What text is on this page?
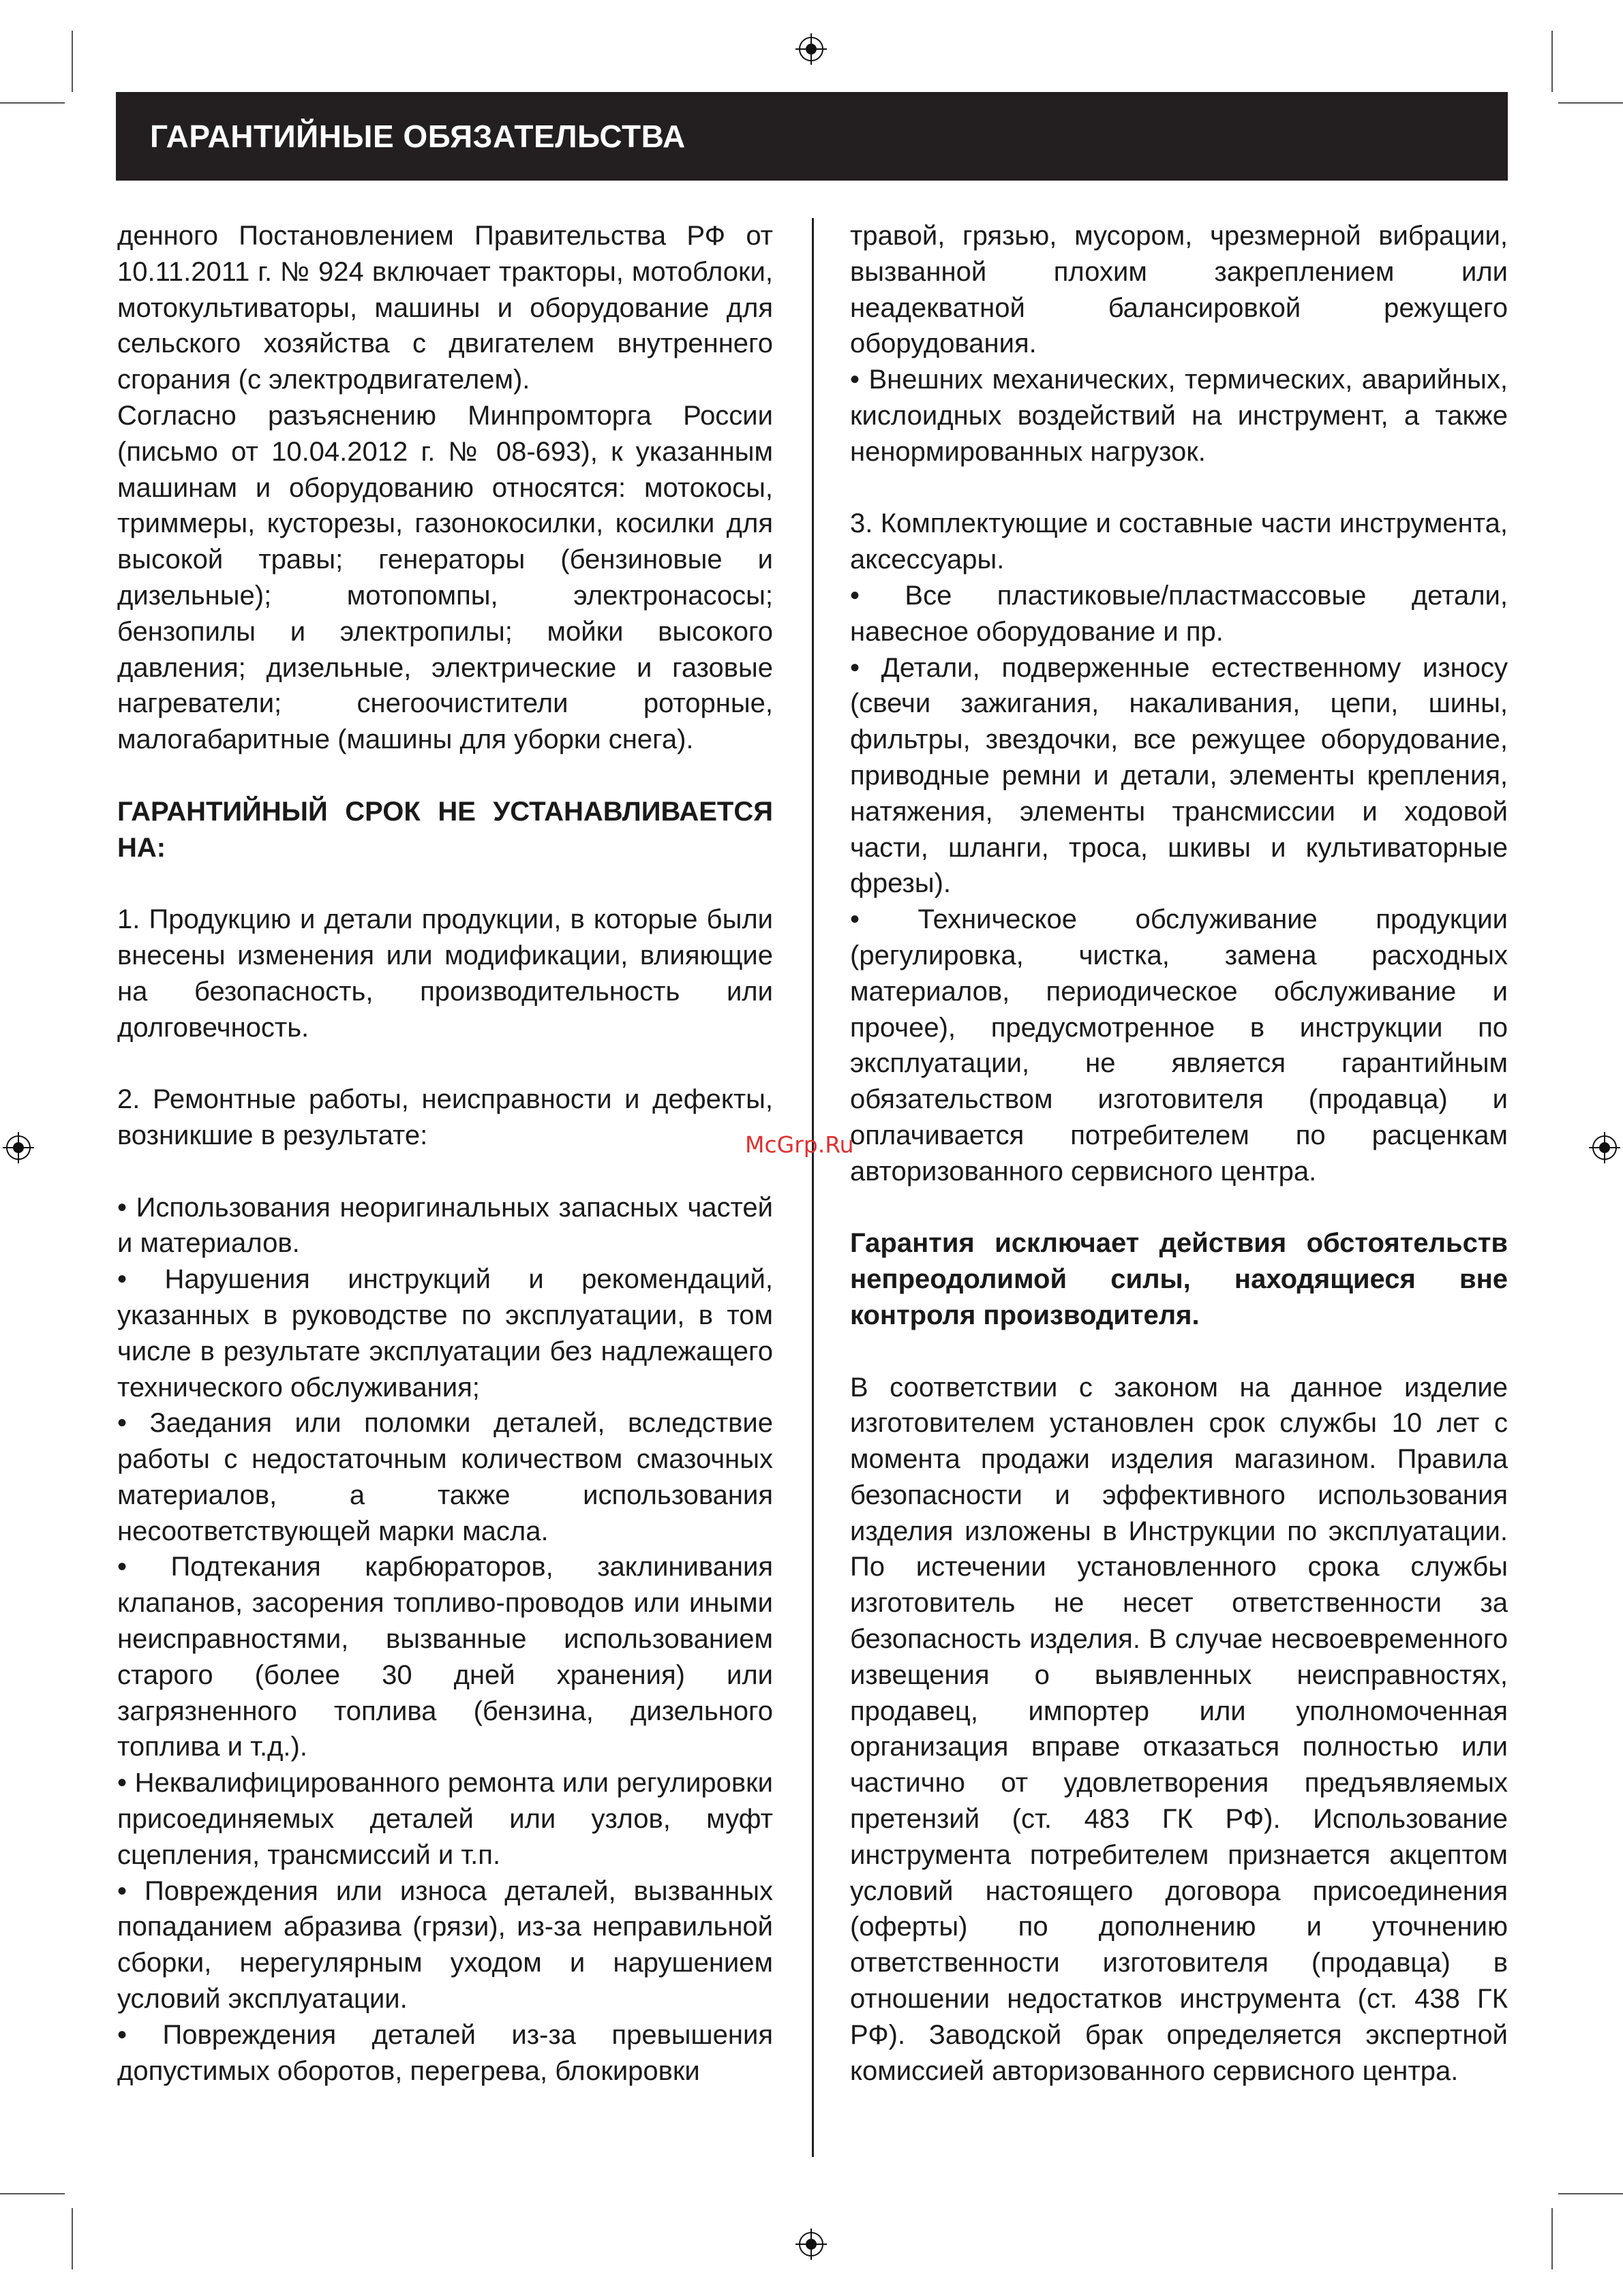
ГАРАНТИЙНЫЕ ОБЯЗАТЕЛЬСТВА

денного Постановлением Правительства РФ от 10.11.2011 г. № 924 включает тракторы, мотоблоки, мотокультиваторы, машины и оборудование для сельского хозяйства с двигателем внутреннего сгорания (с электродвигателем).

Согласно разъяснению Минпромторга России (письмо от 10.04.2012 г. № 08-693), к указанным машинам и оборудованию относятся: мотокосы, триммеры, кусторезы, газонокосилки, косилки для высокой травы; генераторы (бензиновые и дизельные); мотопомпы, электронасосы; бензопилы и электропилы; мойки высокого давления; дизельные, электрические и газовые нагреватели; снегоочистители роторные, малогабаритные (машины для уборки снега).

ГАРАНТИЙНЫЙ СРОК НЕ УСТАНАВЛИВАЕТСЯ НА:

1. Продукцию и детали продукции, в которые были внесены изменения или модификации, влияющие на безопасность, производительность или долговечность.

2. Ремонтные работы, неисправности и дефекты, возникшие в результате:

• Использования неоригинальных запасных частей и материалов.

• Нарушения инструкций и рекомендаций, указанных в руководстве по эксплуатации, в том числе в результате эксплуатации без надлежащего технического обслуживания;

• Заедания или поломки деталей, вследствие работы с недостаточным количеством смазочных материалов, а также использования несоответствующей марки масла.

• Подтекания карбюраторов, заклинивания клапанов, засорения топливо-проводов или иными неисправностями, вызванные использованием старого (более 30 дней хранения) или загрязненного топлива (бензина, дизельного топлива и т.д.).

• Неквалифицированного ремонта или регулировки присоединяемых деталей или узлов, муфт сцепления, трансмиссий и т.п.

• Повреждения или износа деталей, вызванных попаданием абразива (грязи), из-за неправильной сборки, нерегулярным уходом и нарушением условий эксплуатации.

• Повреждения деталей из-за превышения допустимых оборотов, перегрева, блокировки

травой, грязью, мусором, чрезмерной вибрации, вызванной плохим закреплением или неадекватной балансировкой режущего оборудования.

• Внешних механических, термических, аварийных, кислоидных воздействий на инструмент, а также ненормированных нагрузок.

3. Комплектующие и составные части инструмента, аксессуары.

• Все пластиковые/пластмассовые детали, навесное оборудование и пр.

• Детали, подверженные естественному износу (свечи зажигания, накаливания, цепи, шины, фильтры, звездочки, все режущее оборудование, приводные ремни и детали, элементы крепления, натяжения, элементы трансмиссии и ходовой части, шланги, троса, шкивы и культиваторные фрезы).

• Техническое обслуживание продукции (регулировка, чистка, замена расходных материалов, периодическое обслуживание и прочее), предусмотренное в инструкции по эксплуатации, не является гарантийным обязательством изготовителя (продавца) и оплачивается потребителем по расценкам авторизованного сервисного центра.

Гарантия исключает действия обстоятельств непреодолимой силы, находящиеся вне контроля производителя.

В соответствии с законом на данное изделие изготовителем установлен срок службы 10 лет с момента продажи изделия магазином. Правила безопасности и эффективного использования изделия изложены в Инструкции по эксплуатации. По истечении установленного срока службы изготовитель не несет ответственности за безопасность изделия. В случае несвоевременного извещения о выявленных неисправностях, продавец, импортер или уполномоченная организация вправе отказаться полностью или частично от удовлетворения предъявляемых претензий (ст. 483 ГК РФ). Использование инструмента потребителем признается акцептом условий настоящего договора присоединения (оферты) по дополнению и уточнению ответственности изготовителя (продавца) в отношении недостатков инструмента (ст. 438 ГК РФ). Заводской брак определяется экспертной комиссией авторизованного сервисного центра.

McGrp.Ru
